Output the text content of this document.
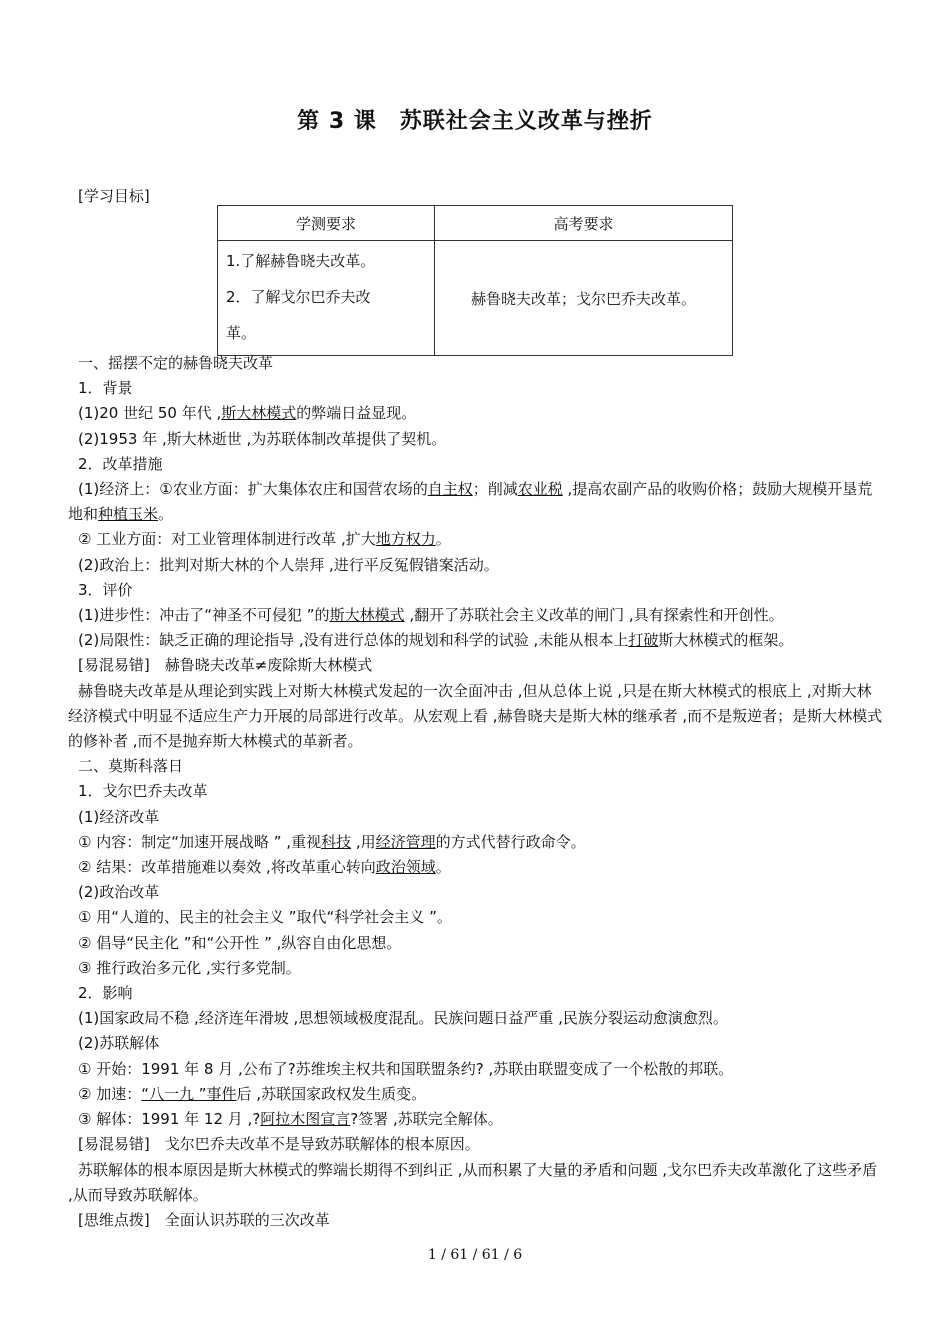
第 3 课　苏联社会主义改革与挫折
[学习目标]
学测要求	高考要求

1.了解赫鲁晓夫改革。
2．了解戈尔巴乔夫改
革。	赫鲁晓夫改革；戈尔巴乔夫改革。

一、摇摆不定的赫鲁晓夫改革

1．背景

(1)20 世纪 50 年代 ,斯大林模式的弊端日益显现。

(2)1953 年 ,斯大林逝世 ,为苏联体制改革提供了契机。

2．改革措施

(1)经济上：①农业方面：扩大集体农庄和国营农场的自主权；削减农业税 ,提高农副产品的收购价格；鼓励大规模开垦荒地和种植玉米。

② 工业方面：对工业管理体制进行改革 ,扩大地方权力。

(2)政治上：批判对斯大林的个人崇拜 ,进行平反冤假错案活动。

3．评价

(1)进步性：冲击了“神圣不可侵犯 ”的斯大林模式 ,翻开了苏联社会主义改革的闸门 ,具有探索性和开创性。

(2)局限性：缺乏正确的理论指导 ,没有进行总体的规划和科学的试验 ,未能从根本上打破斯大林模式的框架。

[易混易错]　赫鲁晓夫改革≠废除斯大林模式

赫鲁晓夫改革是从理论到实践上对斯大林模式发起的一次全面冲击 ,但从总体上说 ,只是在斯大林模式的根底上 ,对斯大林经济模式中明显不适应生产力开展的局部进行改革。从宏观上看 ,赫鲁晓夫是斯大林的继承者 ,而不是叛逆者；是斯大林模式的修补者 ,而不是抛弃斯大林模式的革新者。

二、莫斯科落日

1．戈尔巴乔夫改革

(1)经济改革

① 内容：制定“加速开展战略 ” ,重视科技 ,用经济管理的方式代替行政命令。

② 结果：改革措施难以奏效 ,将改革重心转向政治领域。

(2)政治改革

① 用“人道的、民主的社会主义 ”取代“科学社会主义 ”。

② 倡导“民主化 ”和“公开性 ” ,纵容自由化思想。

③ 推行政治多元化 ,实行多党制。

2．影响

(1)国家政局不稳 ,经济连年滑坡 ,思想领域极度混乱。民族问题日益严重 ,民族分裂运动愈演愈烈。

(2)苏联解体

① 开始：1991 年 8 月 ,公布了?苏维埃主权共和国联盟条约? ,苏联由联盟变成了一个松散的邦联。

② 加速：“八一九 ”事件后 ,苏联国家政权发生质变。

③ 解体：1991 年 12 月 ,?阿拉木图宣言?签署 ,苏联完全解体。

[易混易错]　戈尔巴乔夫改革不是导致苏联解体的根本原因。

苏联解体的根本原因是斯大林模式的弊端长期得不到纠正 ,从而积累了大量的矛盾和问题 ,戈尔巴乔夫改革激化了这些矛盾 ,从而导致苏联解体。

[思维点拨]　全面认识苏联的三次改革

1 / 61 / 61 / 6
